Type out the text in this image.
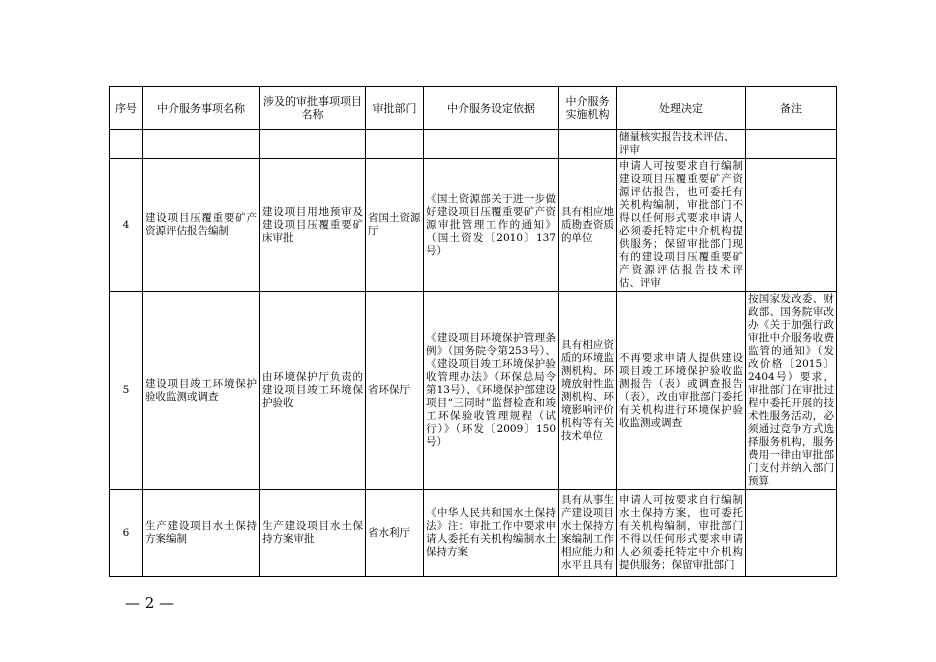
序号	中介服务事项名称	涉及的审批事项项目名称	审批部门	中介服务设定依据	中介服务实施机构	处理决定	备注
						储量核实报告技术评估、评审	
4	建设项目压覆重要矿产资源评估报告编制	建设项目用地预审及建设项目压覆重要矿床审批	省国土资源厅	《国土资源部关于进一步做好建设项目压覆重要矿产资源审批管理工作的通知》（国土资发〔2010〕137号）	具有相应地质勘查资质的单位	申请人可按要求自行编制建设项目压覆重要矿产资源评估报告，也可委托有关机构编制，审批部门不得以任何形式要求申请人必须委托特定中介机构提供服务；保留审批部门现有的建设项目压覆重要矿产资源评估报告技术评估、评审	
5	建设项目竣工环境保护验收监测或调查	由环境保护厅负责的建设项目竣工环境保护验收	省环保厅	《建设项目环境保护管理条例》（国务院令第253号）、《建设项目竣工环境保护验收管理办法》（环保总局令第13号）、《环境保护部建设项目“三同时”监督检查和竣工环保验收管理规程（试行）》（环发〔2009〕150号）	具有相应资质的环境监测机构、环境放射性监测机构、环境影响评价机构等有关技术单位	不再要求申请人提供建设项目竣工环境保护验收监测报告（表）或调查报告（表），改由审批部门委托有关机构进行环境保护验收监测或调查	按国家发改委、财政部、国务院审改办《关于加强行政审批中介服务收费监管的通知》（发改价格〔2015〕2404号）要求，审批部门在审批过程中委托开展的技术性服务活动，必须通过竞争方式选择服务机构，服务费用一律由审批部门支付并纳入部门预算
6	生产建设项目水土保持方案编制	生产建设项目水土保持方案审批	省水利厅	《中华人民共和国水土保持法》注：审批工作中要求申请人委托有关机构编制水土保持方案	具有从事生产建设项目水土保持方案编制工作相应能力和水平且具有	申请人可按要求自行编制水土保持方案，也可委托有关机构编制，审批部门不得以任何形式要求申请人必须委托特定中介机构提供服务；保留审批部门	
— 2 —
